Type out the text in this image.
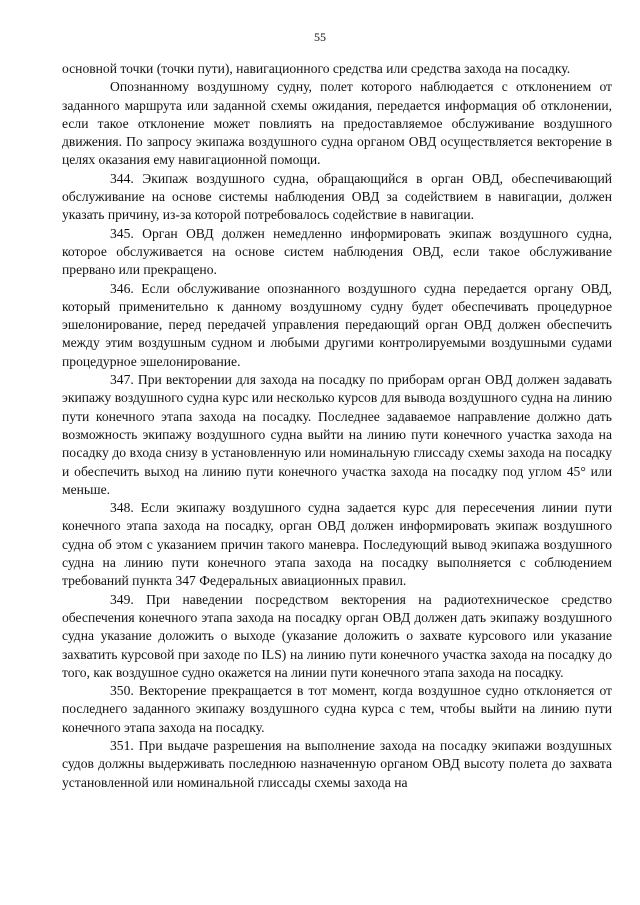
55

основной точки (точки пути), навигационного средства или средства захода на посадку.

Опознанному воздушному судну, полет которого наблюдается с отклонением от заданного маршрута или заданной схемы ожидания, передается информация об отклонении, если такое отклонение может повлиять на предоставляемое обслуживание воздушного движения. По запросу экипажа воздушного судна органом ОВД осуществляется векторение в целях оказания ему навигационной помощи.

344. Экипаж воздушного судна, обращающийся в орган ОВД, обеспечивающий обслуживание на основе системы наблюдения ОВД за содействием в навигации, должен указать причину, из-за которой потребовалось содействие в навигации.

345. Орган ОВД должен немедленно информировать экипаж воздушного судна, которое обслуживается на основе систем наблюдения ОВД, если такое обслуживание прервано или прекращено.

346. Если обслуживание опознанного воздушного судна передается органу ОВД, который применительно к данному воздушному судну будет обеспечивать процедурное эшелонирование, перед передачей управления передающий орган ОВД должен обеспечить между этим воздушным судном и любыми другими контролируемыми воздушными судами процедурное эшелонирование.

347. При векторении для захода на посадку по приборам орган ОВД должен задавать экипажу воздушного судна курс или несколько курсов для вывода воздушного судна на линию пути конечного этапа захода на посадку. Последнее задаваемое направление должно дать возможность экипажу воздушного судна выйти на линию пути конечного участка захода на посадку до входа снизу в установленную или номинальную глиссаду схемы захода на посадку и обеспечить выход на линию пути конечного участка захода на посадку под углом 45° или меньше.

348. Если экипажу воздушного судна задается курс для пересечения линии пути конечного этапа захода на посадку, орган ОВД должен информировать экипаж воздушного судна об этом с указанием причин такого маневра. Последующий вывод экипажа воздушного судна на линию пути конечного этапа захода на посадку выполняется с соблюдением требований пункта 347 Федеральных авиационных правил.

349. При наведении посредством векторения на радиотехническое средство обеспечения конечного этапа захода на посадку орган ОВД должен дать экипажу воздушного судна указание доложить о выходе (указание доложить о захвате курсового или указание захватить курсовой при заходе по ILS) на линию пути конечного участка захода на посадку до того, как воздушное судно окажется на линии пути конечного этапа захода на посадку.

350. Векторение прекращается в тот момент, когда воздушное судно отклоняется от последнего заданного экипажу воздушного судна курса с тем, чтобы выйти на линию пути конечного этапа захода на посадку.

351. При выдаче разрешения на выполнение захода на посадку экипажи воздушных судов должны выдерживать последнюю назначенную органом ОВД высоту полета до захвата установленной или номинальной глиссады схемы захода на
